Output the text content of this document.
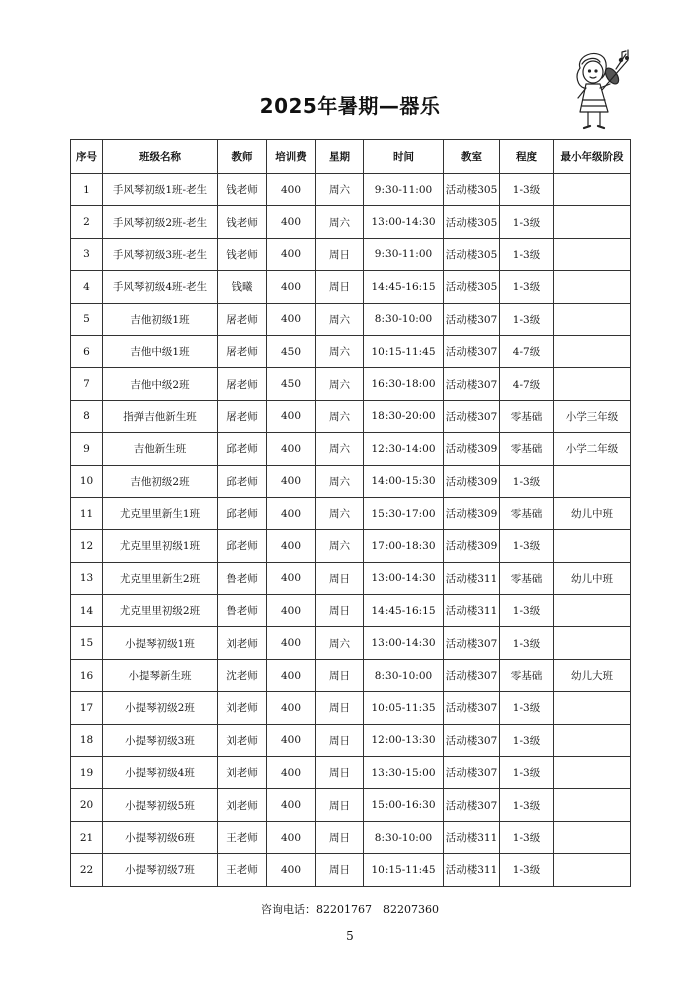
2025年暑期—器乐
序号	班级名称	教师	培训费	星期	时间	教室	程度	最小年级阶段
1	手风琴初级1班-老生	钱老师	400	周六	9:30-11:00	活动楼305	1-3级	
2	手风琴初级2班-老生	钱老师	400	周六	13:00-14:30	活动楼305	1-3级	
3	手风琴初级3班-老生	钱老师	400	周日	9:30-11:00	活动楼305	1-3级	
4	手风琴初级4班-老生	钱曦	400	周日	14:45-16:15	活动楼305	1-3级	
5	吉他初级1班	屠老师	400	周六	8:30-10:00	活动楼307	1-3级	
6	吉他中级1班	屠老师	450	周六	10:15-11:45	活动楼307	4-7级	
7	吉他中级2班	屠老师	450	周六	16:30-18:00	活动楼307	4-7级	
8	指弹吉他新生班	屠老师	400	周六	18:30-20:00	活动楼307	零基础	小学三年级
9	吉他新生班	邱老师	400	周六	12:30-14:00	活动楼309	零基础	小学二年级
10	吉他初级2班	邱老师	400	周六	14:00-15:30	活动楼309	1-3级	
11	尤克里里新生1班	邱老师	400	周六	15:30-17:00	活动楼309	零基础	幼儿中班
12	尤克里里初级1班	邱老师	400	周六	17:00-18:30	活动楼309	1-3级	
13	尤克里里新生2班	鲁老师	400	周日	13:00-14:30	活动楼311	零基础	幼儿中班
14	尤克里里初级2班	鲁老师	400	周日	14:45-16:15	活动楼311	1-3级	
15	小提琴初级1班	刘老师	400	周六	13:00-14:30	活动楼307	1-3级	
16	小提琴新生班	沈老师	400	周日	8:30-10:00	活动楼307	零基础	幼儿大班
17	小提琴初级2班	刘老师	400	周日	10:05-11:35	活动楼307	1-3级	
18	小提琴初级3班	刘老师	400	周日	12:00-13:30	活动楼307	1-3级	
19	小提琴初级4班	刘老师	400	周日	13:30-15:00	活动楼307	1-3级	
20	小提琴初级5班	刘老师	400	周日	15:00-16:30	活动楼307	1-3级	
21	小提琴初级6班	王老师	400	周日	8:30-10:00	活动楼311	1-3级	
22	小提琴初级7班	王老师	400	周日	10:15-11:45	活动楼311	1-3级	
咨询电话：82201767　82207360
5
